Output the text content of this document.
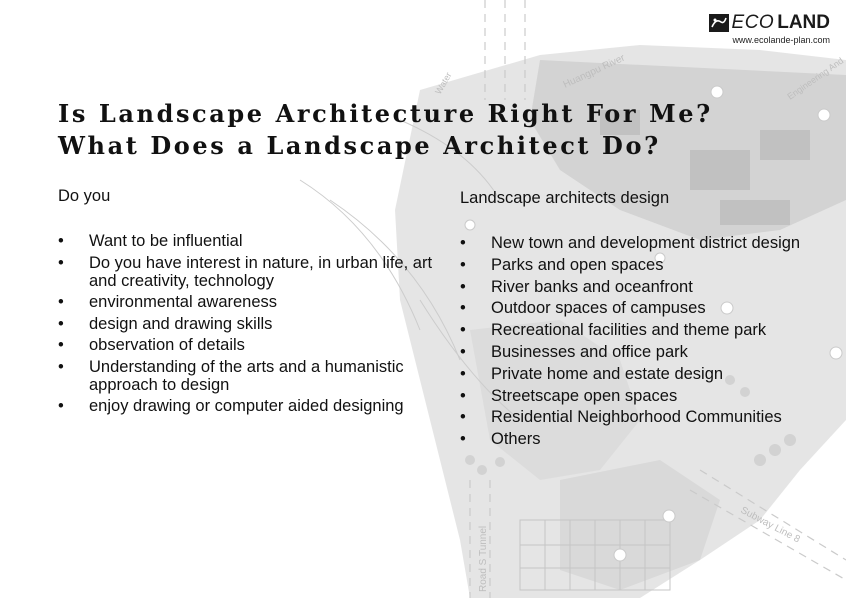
Huangpu River	Engineering And
Water
Road S Tunnel
Subway Line 8
ECO LAND
www.ecolande-plan.com
Is Landscape Architecture Right For Me?
What Does a Landscape Architect Do?
Do you
• Want to be influential
• Do you have interest in nature, in urban life, art and creativity, technology
• environmental awareness
• design and drawing skills
• observation of details
• Understanding of the arts and a humanistic approach to design
• enjoy drawing or computer aided designing
Landscape architects design
• New town and development district design
• Parks and open spaces
• River banks and oceanfront
• Outdoor spaces of campuses
• Recreational facilities and theme park
• Businesses and office park
• Private home and estate design
• Streetscape open spaces
• Residential Neighborhood Communities
• Others
